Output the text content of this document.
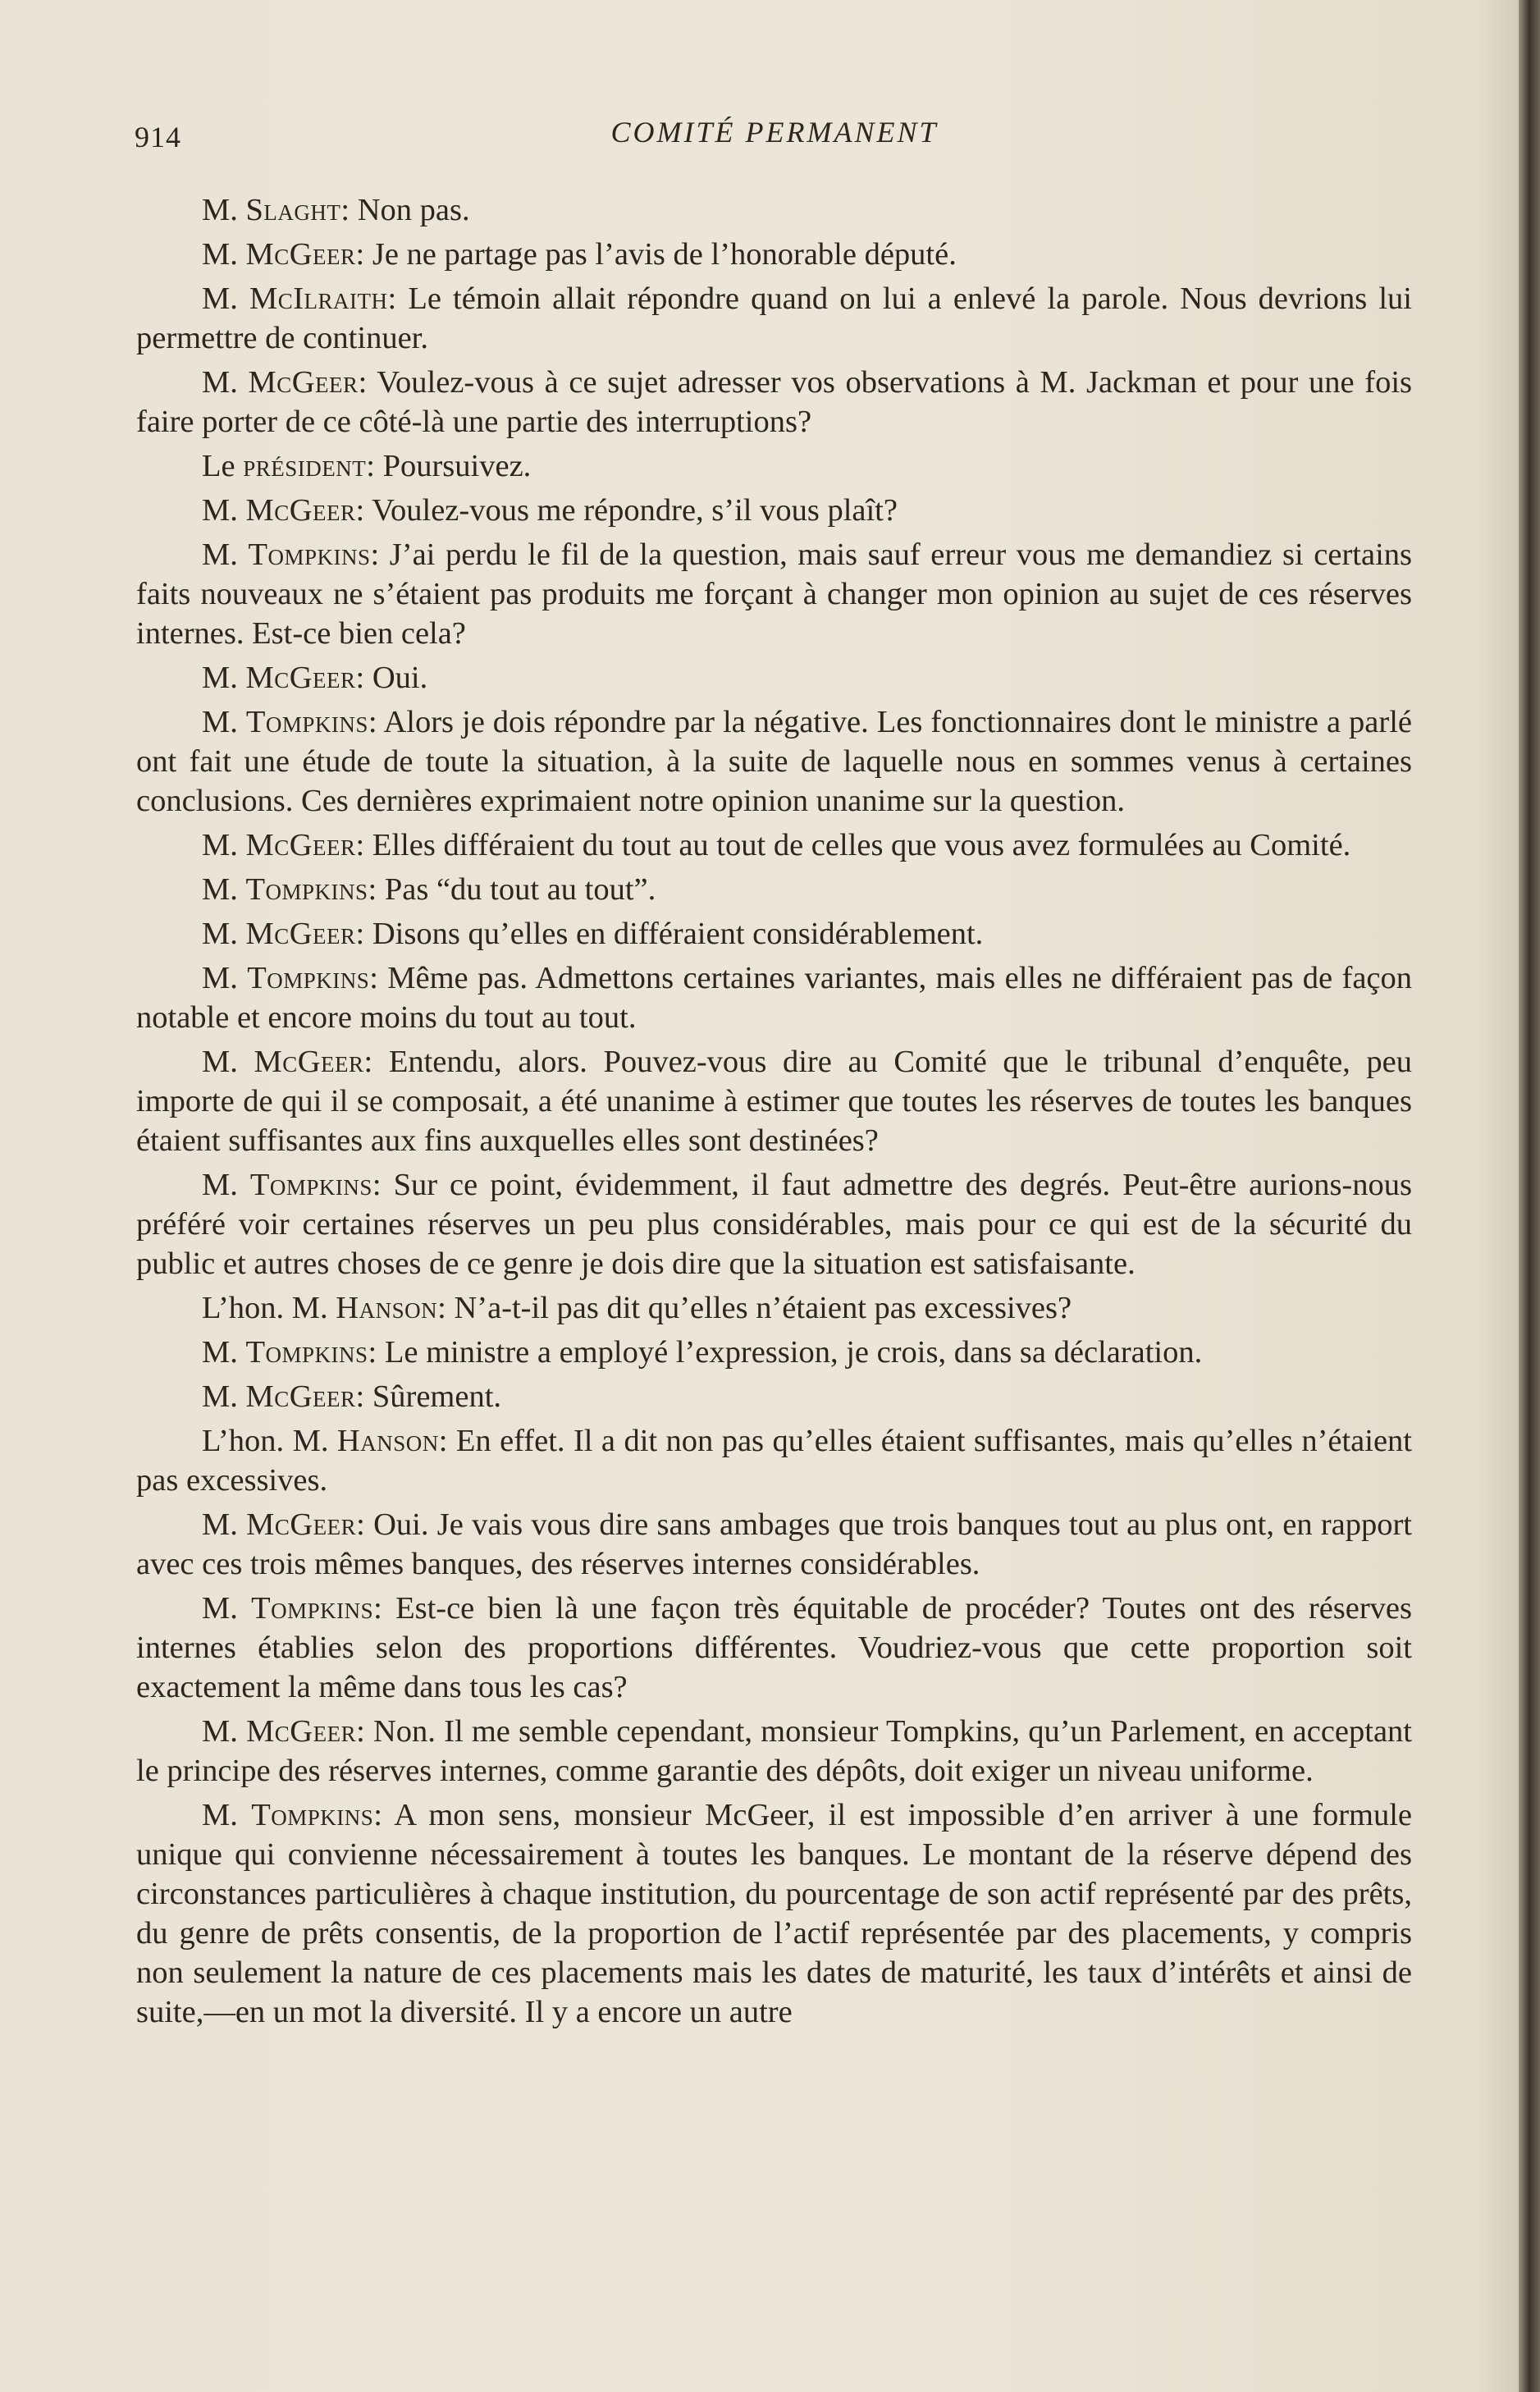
914	COMITÉ PERMANENT

M. Slaght: Non pas.

M. McGeer: Je ne partage pas l’avis de l’honorable député.

M. McIlraith: Le témoin allait répondre quand on lui a enlevé la parole. Nous devrions lui permettre de continuer.

M. McGeer: Voulez-vous à ce sujet adresser vos observations à M. Jackman et pour une fois faire porter de ce côté-là une partie des interruptions?

Le président: Poursuivez.

M. McGeer: Voulez-vous me répondre, s’il vous plaît?

M. Tompkins: J’ai perdu le fil de la question, mais sauf erreur vous me demandiez si certains faits nouveaux ne s’étaient pas produits me forçant à changer mon opinion au sujet de ces réserves internes. Est-ce bien cela?

M. McGeer: Oui.

M. Tompkins: Alors je dois répondre par la négative. Les fonctionnaires dont le ministre a parlé ont fait une étude de toute la situation, à la suite de laquelle nous en sommes venus à certaines conclusions. Ces dernières exprimaient notre opinion unanime sur la question.

M. McGeer: Elles différaient du tout au tout de celles que vous avez formulées au Comité.

M. Tompkins: Pas “du tout au tout”.

M. McGeer: Disons qu’elles en différaient considérablement.

M. Tompkins: Même pas. Admettons certaines variantes, mais elles ne différaient pas de façon notable et encore moins du tout au tout.

M. McGeer: Entendu, alors. Pouvez-vous dire au Comité que le tribunal d’enquête, peu importe de qui il se composait, a été unanime à estimer que toutes les réserves de toutes les banques étaient suffisantes aux fins auxquelles elles sont destinées?

M. Tompkins: Sur ce point, évidemment, il faut admettre des degrés. Peut-être aurions-nous préféré voir certaines réserves un peu plus considérables, mais pour ce qui est de la sécurité du public et autres choses de ce genre je dois dire que la situation est satisfaisante.

L’hon. M. Hanson: N’a-t-il pas dit qu’elles n’étaient pas excessives?

M. Tompkins: Le ministre a employé l’expression, je crois, dans sa déclaration.

M. McGeer: Sûrement.

L’hon. M. Hanson: En effet. Il a dit non pas qu’elles étaient suffisantes, mais qu’elles n’étaient pas excessives.

M. McGeer: Oui. Je vais vous dire sans ambages que trois banques tout au plus ont, en rapport avec ces trois mêmes banques, des réserves internes considérables.

M. Tompkins: Est-ce bien là une façon très équitable de procéder? Toutes ont des réserves internes établies selon des proportions différentes. Voudriez-vous que cette proportion soit exactement la même dans tous les cas?

M. McGeer: Non. Il me semble cependant, monsieur Tompkins, qu’un Parlement, en acceptant le principe des réserves internes, comme garantie des dépôts, doit exiger un niveau uniforme.

M. Tompkins: A mon sens, monsieur McGeer, il est impossible d’en arriver à une formule unique qui convienne nécessairement à toutes les banques. Le montant de la réserve dépend des circonstances particulières à chaque institution, du pourcentage de son actif représenté par des prêts, du genre de prêts consentis, de la proportion de l’actif représentée par des placements, y compris non seulement la nature de ces placements mais les dates de maturité, les taux d’intérêts et ainsi de suite,—en un mot la diversité. Il y a encore un autre
